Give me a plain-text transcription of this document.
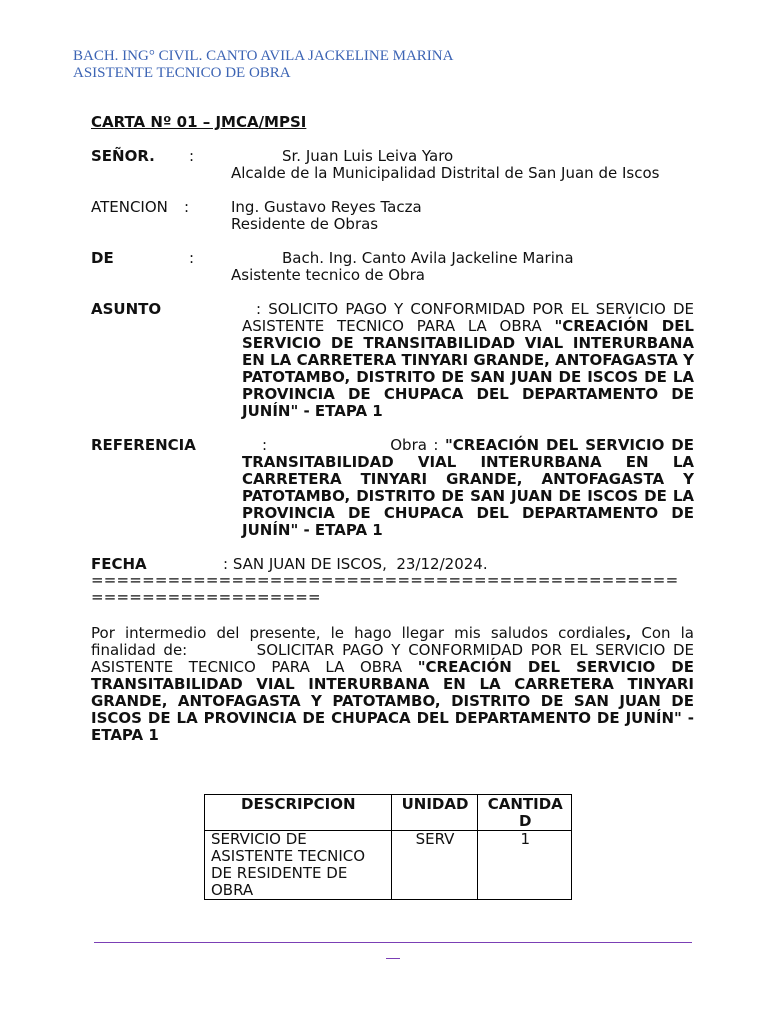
BACH. ING° CIVIL. CANTO AVILA JACKELINE MARINA
ASISTENTE TECNICO DE OBRA
CARTA Nº 01 – JMCA/MPSI
SEÑOR. :	Sr. Juan Luis Leiva Yaro
Alcalde de la Municipalidad Distrital de San Juan de Iscos
ATENCION :	Ing. Gustavo Reyes Tacza
Residente de Obras
DE	:	Bach. Ing. Canto Avila Jackeline Marina
Asistente tecnico de Obra
ASUNTO	: SOLICITO PAGO Y CONFORMIDAD POR EL SERVICIO DE ASISTENTE TECNICO PARA LA OBRA "CREACIÓN DEL SERVICIO DE TRANSITABILIDAD VIAL INTERURBANA EN LA CARRETERA TINYARI GRANDE, ANTOFAGASTA Y PATOTAMBO, DISTRITO DE SAN JUAN DE ISCOS DE LA PROVINCIA DE CHUPACA DEL DEPARTAMENTO DE JUNÍN" - ETAPA 1
REFERENCIA	:                   Obra : "CREACIÓN DEL SERVICIO DE TRANSITABILIDAD VIAL INTERURBANA EN LA CARRETERA TINYARI GRANDE, ANTOFAGASTA Y PATOTAMBO, DISTRITO DE SAN JUAN DE ISCOS DE LA PROVINCIA DE CHUPACA DEL DEPARTAMENTO DE JUNÍN" - ETAPA 1
FECHA	: SAN JUAN DE ISCOS,  23/12/2024.
================================================================
Por intermedio del presente, le hago llegar mis saludos cordiales, Con la finalidad de:         SOLICITAR PAGO Y CONFORMIDAD POR EL SERVICIO DE ASISTENTE TECNICO PARA LA OBRA "CREACIÓN DEL SERVICIO DE TRANSITABILIDAD VIAL INTERURBANA EN LA CARRETERA TINYARI GRANDE, ANTOFAGASTA Y PATOTAMBO, DISTRITO DE SAN JUAN DE ISCOS DE LA PROVINCIA DE CHUPACA DEL DEPARTAMENTO DE JUNÍN" - ETAPA 1
DESCRIPCION	UNIDAD	CANTIDAD
SERVICIO DE ASISTENTE TECNICO DE RESIDENTE DE OBRA	SERV	1
